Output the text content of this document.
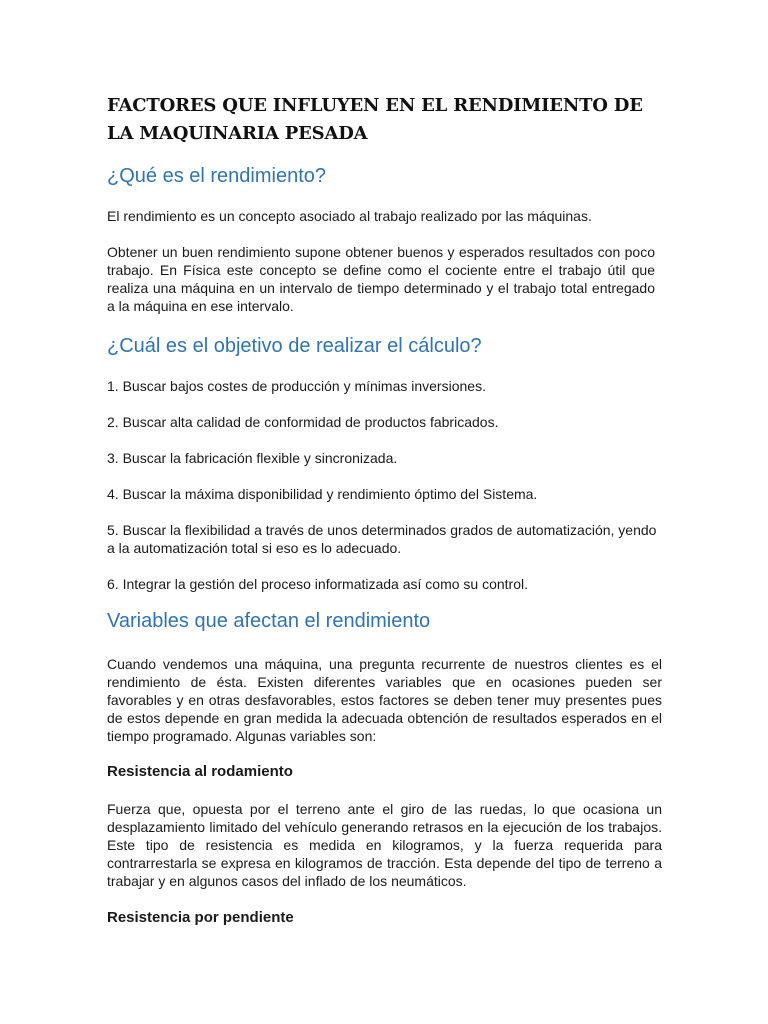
FACTORES QUE INFLUYEN EN EL RENDIMIENTO DE LA MAQUINARIA PESADA
¿Qué es el rendimiento?

El rendimiento es un concepto asociado al trabajo realizado por las máquinas.

Obtener un buen rendimiento supone obtener buenos y esperados resultados con poco trabajo. En Física este concepto se define como el cociente entre el trabajo útil que realiza una máquina en un intervalo de tiempo determinado y el trabajo total entregado a la máquina en ese intervalo.

¿Cuál es el objetivo de realizar el cálculo?

1. Buscar bajos costes de producción y mínimas inversiones.

2. Buscar alta calidad de conformidad de productos fabricados.

3. Buscar la fabricación flexible y sincronizada.

4. Buscar la máxima disponibilidad y rendimiento óptimo del Sistema.

5. Buscar la flexibilidad a través de unos determinados grados de automatización, yendo a la automatización total si eso es lo adecuado.

6. Integrar la gestión del proceso informatizada así como su control.

Variables que afectan el rendimiento

Cuando vendemos una máquina, una pregunta recurrente de nuestros clientes es el rendimiento de ésta. Existen diferentes variables que en ocasiones pueden ser favorables y en otras desfavorables, estos factores se deben tener muy presentes pues de estos depende en gran medida la adecuada obtención de resultados esperados en el tiempo programado. Algunas variables son:

Resistencia al rodamiento

Fuerza que, opuesta por el terreno ante el giro de las ruedas, lo que ocasiona un desplazamiento limitado del vehículo generando retrasos en la ejecución de los trabajos. Este tipo de resistencia es medida en kilogramos, y la fuerza requerida para contrarrestarla se expresa en kilogramos de tracción. Esta depende del tipo de terreno a trabajar y en algunos casos del inflado de los neumáticos.

Resistencia por pendiente
